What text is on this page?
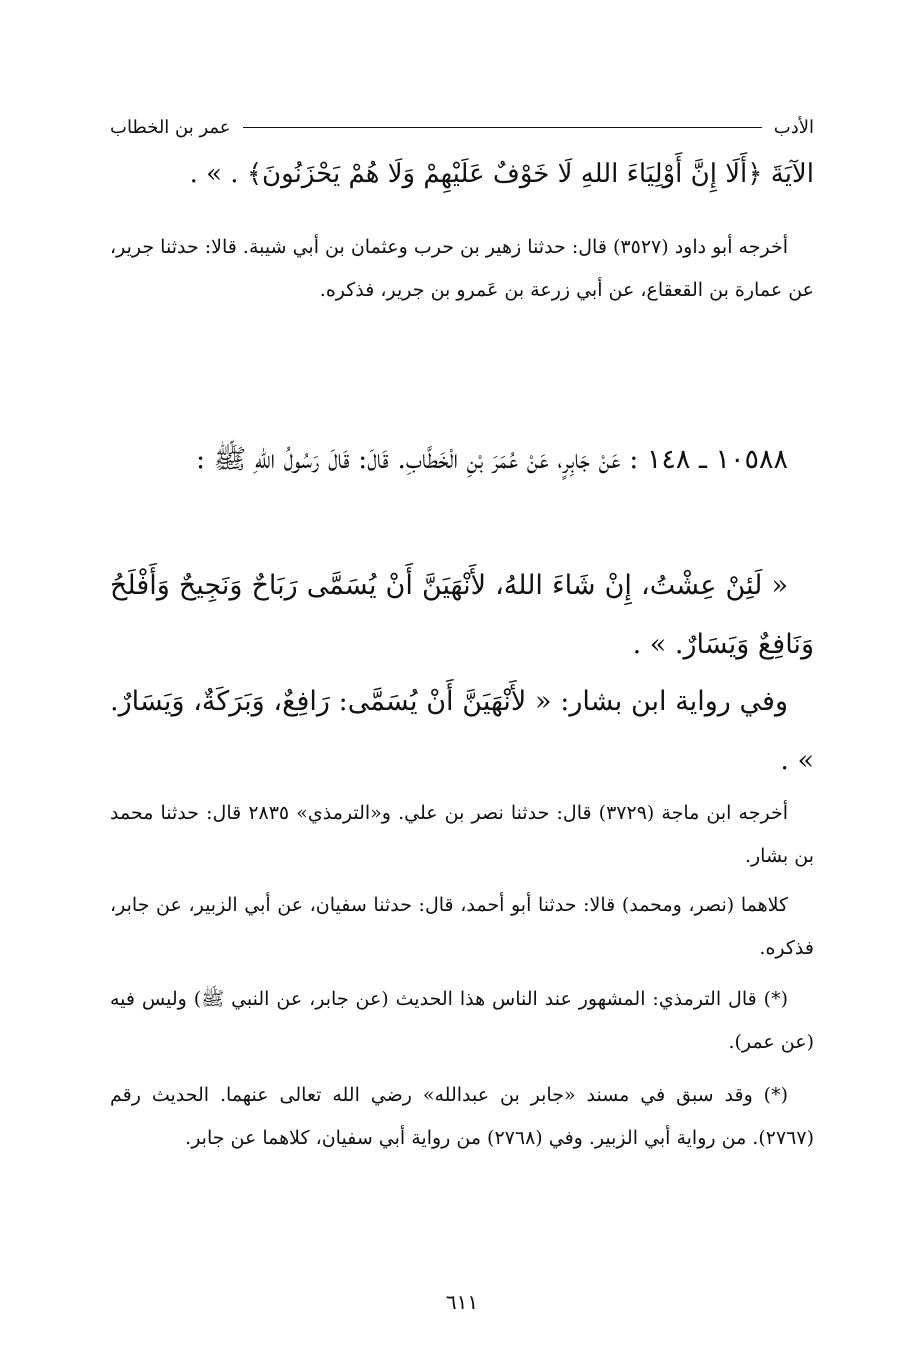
الأدب
عمر بن الخطاب
الآيَةَ ﴿أَلَا إِنَّ أَوْلِيَاءَ اللهِ لَا خَوْفٌ عَلَيْهِمْ وَلَا هُمْ يَحْزَنُونَ﴾ . » .
أخرجه أبو داود (٣٥٢٧) قال: حدثنا زهير بن حرب وعثمان بن أبي شيبة. قالا: حدثنا جرير، عن عمارة بن القعقاع، عن أبي زرعة بن عَمرو بن جرير، فذكره.
١٠٥٨٨ ـ ١٤٨ : عَنْ جَابِرٍ، عَنْ عُمَرَ بْنِ الْخَطَّابِ. قَالَ: قَالَ رَسُولُ اللهِ ﷺ :
« لَئِنْ عِشْتُ، إِنْ شَاءَ اللهُ، لأَنْهَيَنَّ أَنْ يُسَمَّى رَبَاحٌ وَنَجِيحٌ وَأَفْلَحُ وَنَافِعٌ وَيَسَارٌ. » .
وفي رواية ابن بشار: « لأَنْهَيَنَّ أَنْ يُسَمَّى: رَافِعٌ، وَبَرَكَةٌ، وَيَسَارٌ. » .
أخرجه ابن ماجة (٣٧٢٩) قال: حدثنا نصر بن علي. و«الترمذي» ٢٨٣٥ قال: حدثنا محمد بن بشار.
كلاهما (نصر، ومحمد) قالا: حدثنا أبو أحمد، قال: حدثنا سفيان، عن أبي الزبير، عن جابر، فذكره.
(*) قال الترمذي: المشهور عند الناس هذا الحديث (عن جابر، عن النبي ﷺ) وليس فيه (عن عمر).
(*) وقد سبق في مسند «جابر بن عبدالله» رضي الله تعالى عنهما. الحديث رقم (٢٧٦٧). من رواية أبي الزبير. وفي (٢٧٦٨) من رواية أبي سفيان، كلاهما عن جابر.
٦١١
